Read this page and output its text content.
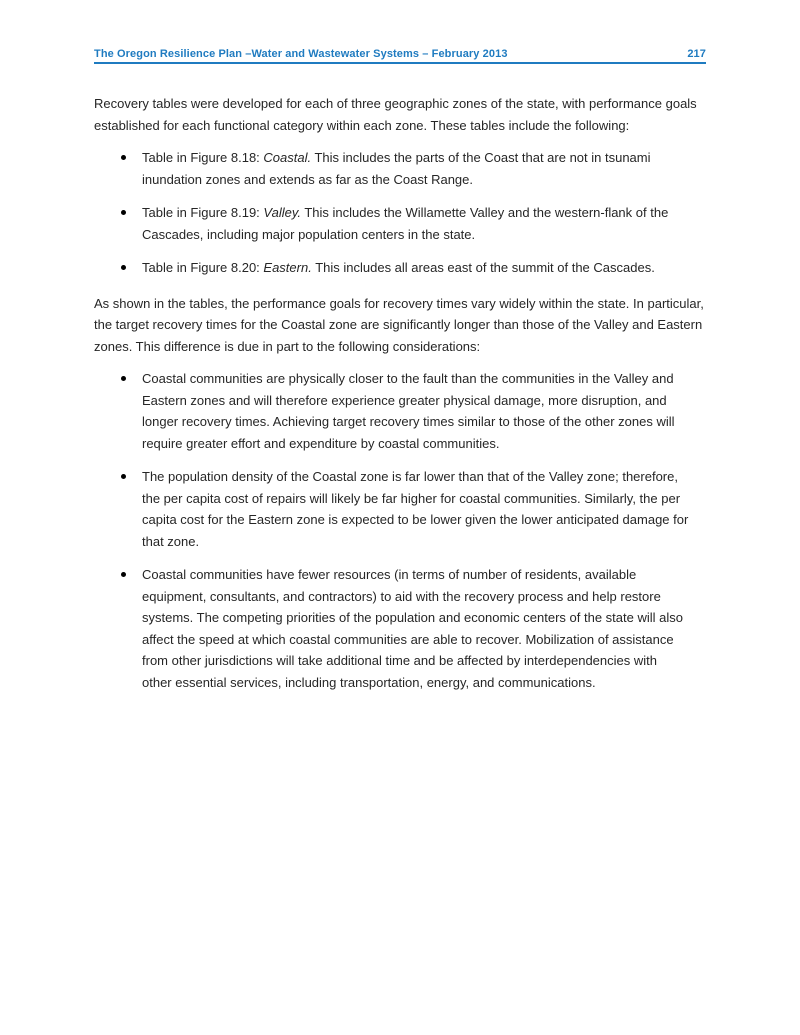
The Oregon Resilience Plan –Water and Wastewater Systems – February 2013	217

Recovery tables were developed for each of three geographic zones of the state, with performance goals established for each functional category within each zone. These tables include the following:

Table in Figure 8.18: Coastal. This includes the parts of the Coast that are not in tsunami inundation zones and extends as far as the Coast Range.
Table in Figure 8.19: Valley. This includes the Willamette Valley and the western-flank of the Cascades, including major population centers in the state.
Table in Figure 8.20: Eastern. This includes all areas east of the summit of the Cascades.

As shown in the tables, the performance goals for recovery times vary widely within the state. In particular, the target recovery times for the Coastal zone are significantly longer than those of the Valley and Eastern zones. This difference is due in part to the following considerations:

Coastal communities are physically closer to the fault than the communities in the Valley and Eastern zones and will therefore experience greater physical damage, more disruption, and longer recovery times. Achieving target recovery times similar to those of the other zones will require greater effort and expenditure by coastal communities.
The population density of the Coastal zone is far lower than that of the Valley zone; therefore, the per capita cost of repairs will likely be far higher for coastal communities. Similarly, the per capita cost for the Eastern zone is expected to be lower given the lower anticipated damage for that zone.
Coastal communities have fewer resources (in terms of number of residents, available equipment, consultants, and contractors) to aid with the recovery process and help restore systems. The competing priorities of the population and economic centers of the state will also affect the speed at which coastal communities are able to recover. Mobilization of assistance from other jurisdictions will take additional time and be affected by interdependencies with other essential services, including transportation, energy, and communications.
